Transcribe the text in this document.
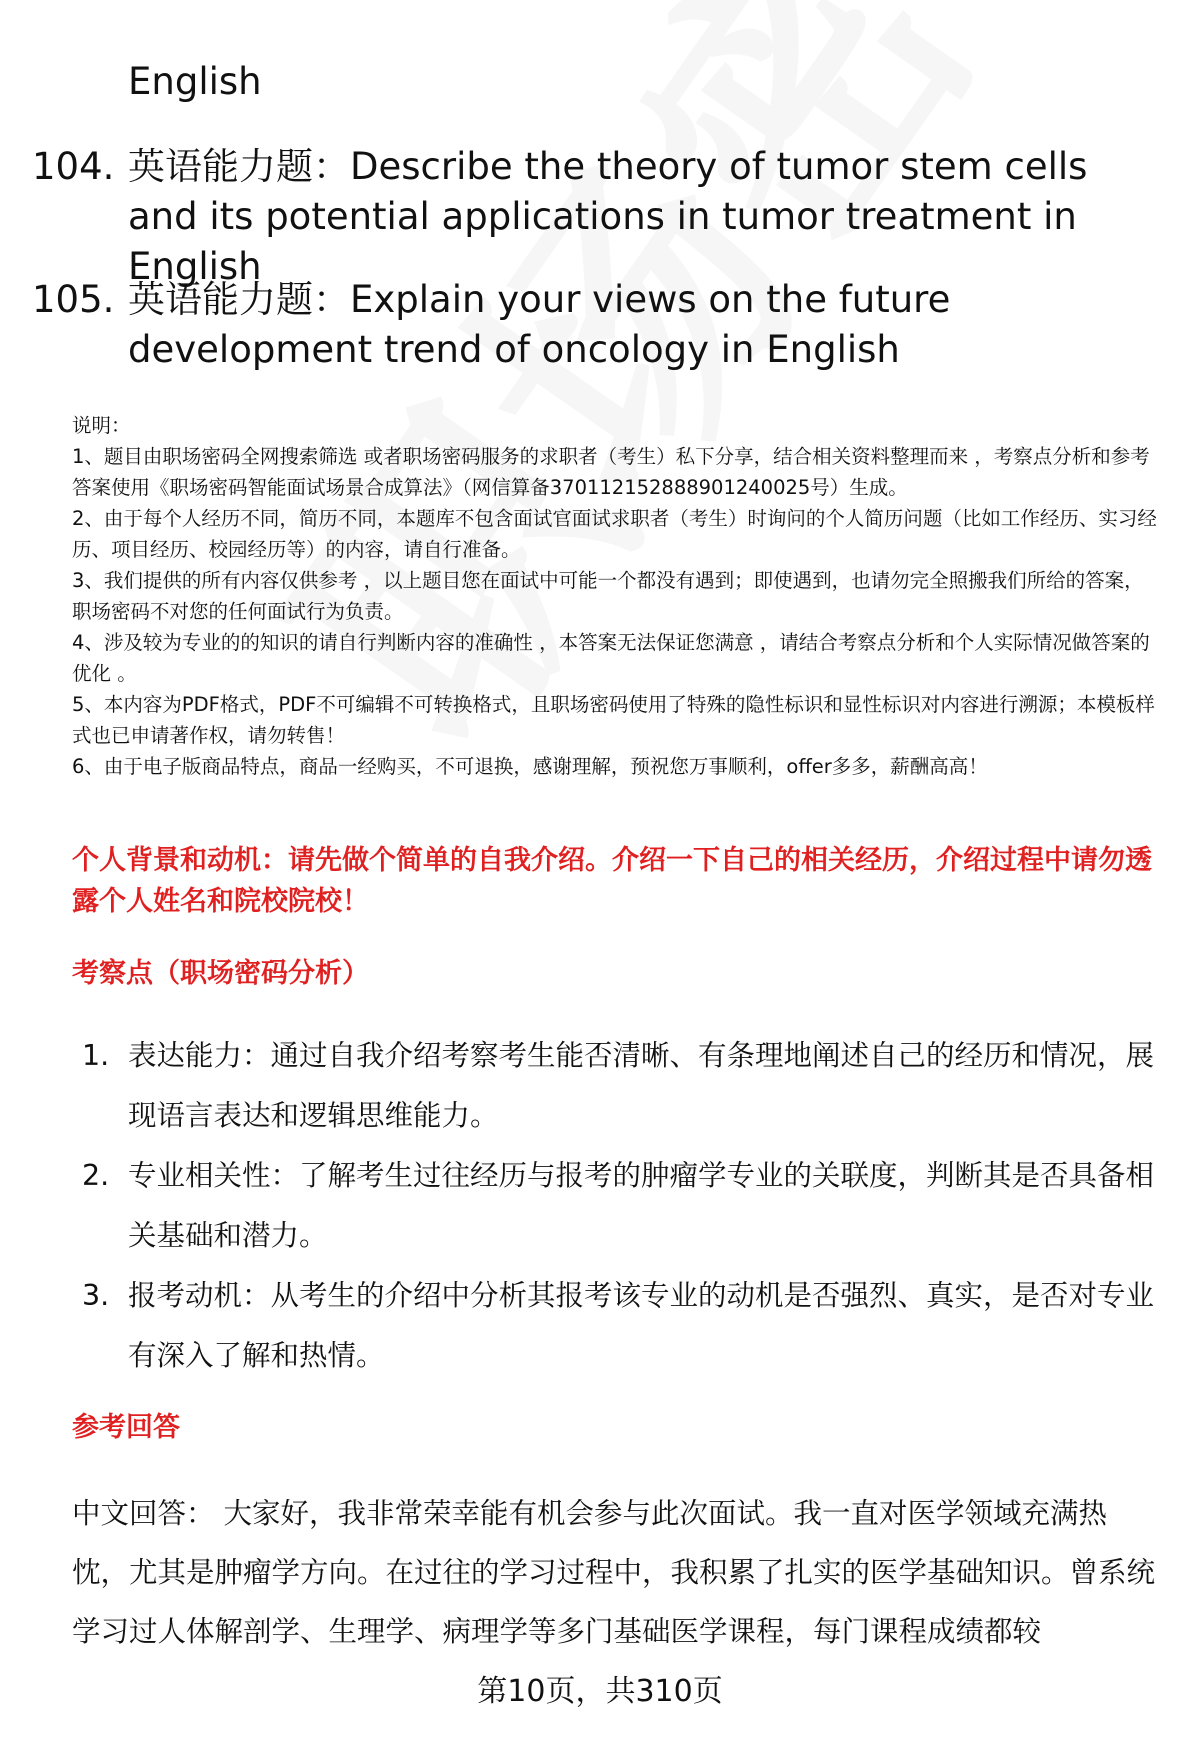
English

104. 英语能力题：Describe the theory of tumor stem cells and its potential applications in tumor treatment in English
105. 英语能力题：Explain your views on the future development trend of oncology in English

说明：

1、题目由职场密码全网搜索筛选 或者职场密码服务的求职者（考生）私下分享，结合相关资料整理而来 ，考察点分析和参考答案使用《职场密码智能面试场景合成算法》（网信算备370112152888901240025号）生成。

2、由于每个人经历不同，简历不同，本题库不包含面试官面试求职者（考生）时询问的个人简历问题（比如工作经历、实习经历、项目经历、校园经历等）的内容，请自行准备。

3、我们提供的所有内容仅供参考 ，以上题目您在面试中可能一个都没有遇到；即使遇到，也请勿完全照搬我们所给的答案，职场密码不对您的任何面试行为负责。

4、涉及较为专业的的知识的请自行判断内容的准确性 ，本答案无法保证您满意 ，请结合考察点分析和个人实际情况做答案的优化 。

5、本内容为PDF格式，PDF不可编辑不可转换格式，且职场密码使用了特殊的隐性标识和显性标识对内容进行溯源；本模板样式也已申请著作权，请勿转售！

6、由于电子版商品特点，商品一经购买，不可退换，感谢理解，预祝您万事顺利，offer多多，薪酬高高！

个人背景和动机：请先做个简单的自我介绍。介绍一下自己的相关经历，介绍过程中请勿透露个人姓名和院校院校！
考察点（职场密码分析）
1. 表达能力：通过自我介绍考察考生能否清晰、有条理地阐述自己的经历和情况，展现语言表达和逻辑思维能力。
2. 专业相关性：了解考生过往经历与报考的肿瘤学专业的关联度，判断其是否具备相关基础和潜力。
3. 报考动机：从考生的介绍中分析其报考该专业的动机是否强烈、真实，是否对专业有深入了解和热情。
参考回答

中文回答： 大家好，我非常荣幸能有机会参与此次面试。我一直对医学领域充满热忱，尤其是肿瘤学方向。在过往的学习过程中，我积累了扎实的医学基础知识。曾系统学习过人体解剖学、生理学、病理学等多门基础医学课程，每门课程成绩都较

第10页，共310页
